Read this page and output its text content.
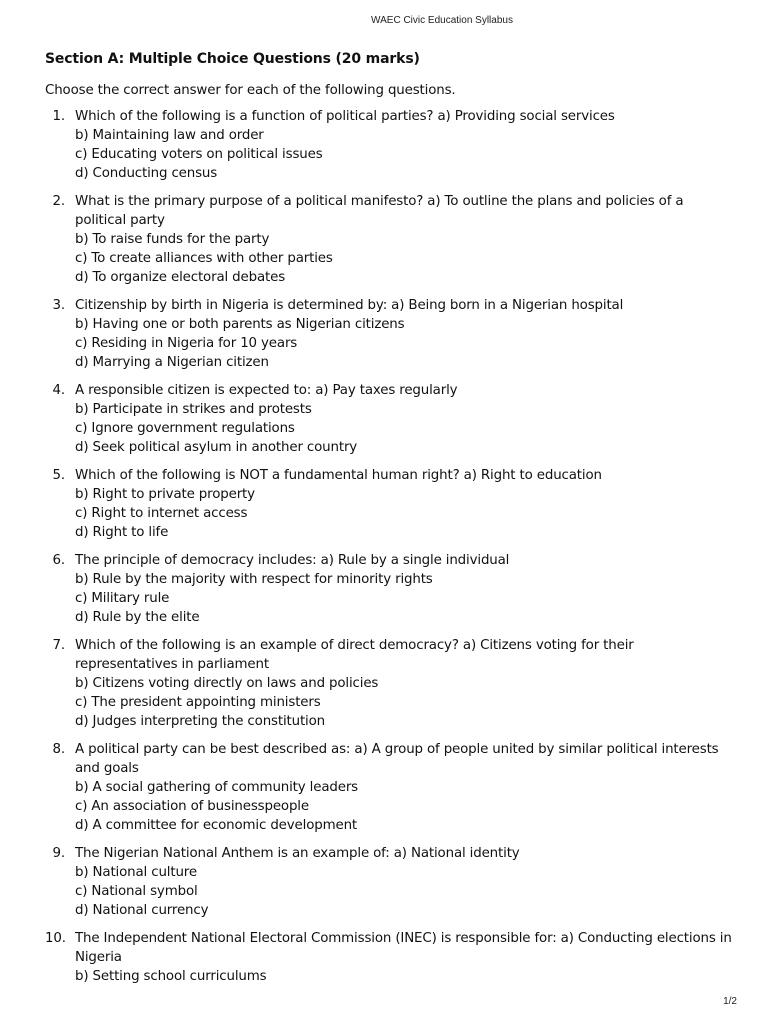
WAEC Civic Education Syllabus
Section A: Multiple Choice Questions (20 marks)
Choose the correct answer for each of the following questions.
1. Which of the following is a function of political parties? a) Providing social services
b) Maintaining law and order
c) Educating voters on political issues
d) Conducting census
2. What is the primary purpose of a political manifesto? a) To outline the plans and policies of a political party
b) To raise funds for the party
c) To create alliances with other parties
d) To organize electoral debates
3. Citizenship by birth in Nigeria is determined by: a) Being born in a Nigerian hospital
b) Having one or both parents as Nigerian citizens
c) Residing in Nigeria for 10 years
d) Marrying a Nigerian citizen
4. A responsible citizen is expected to: a) Pay taxes regularly
b) Participate in strikes and protests
c) Ignore government regulations
d) Seek political asylum in another country
5. Which of the following is NOT a fundamental human right? a) Right to education
b) Right to private property
c) Right to internet access
d) Right to life
6. The principle of democracy includes: a) Rule by a single individual
b) Rule by the majority with respect for minority rights
c) Military rule
d) Rule by the elite
7. Which of the following is an example of direct democracy? a) Citizens voting for their representatives in parliament
b) Citizens voting directly on laws and policies
c) The president appointing ministers
d) Judges interpreting the constitution
8. A political party can be best described as: a) A group of people united by similar political interests and goals
b) A social gathering of community leaders
c) An association of businesspeople
d) A committee for economic development
9. The Nigerian National Anthem is an example of: a) National identity
b) National culture
c) National symbol
d) National currency
10. The Independent National Electoral Commission (INEC) is responsible for: a) Conducting elections in Nigeria
b) Setting school curriculums
1/2
